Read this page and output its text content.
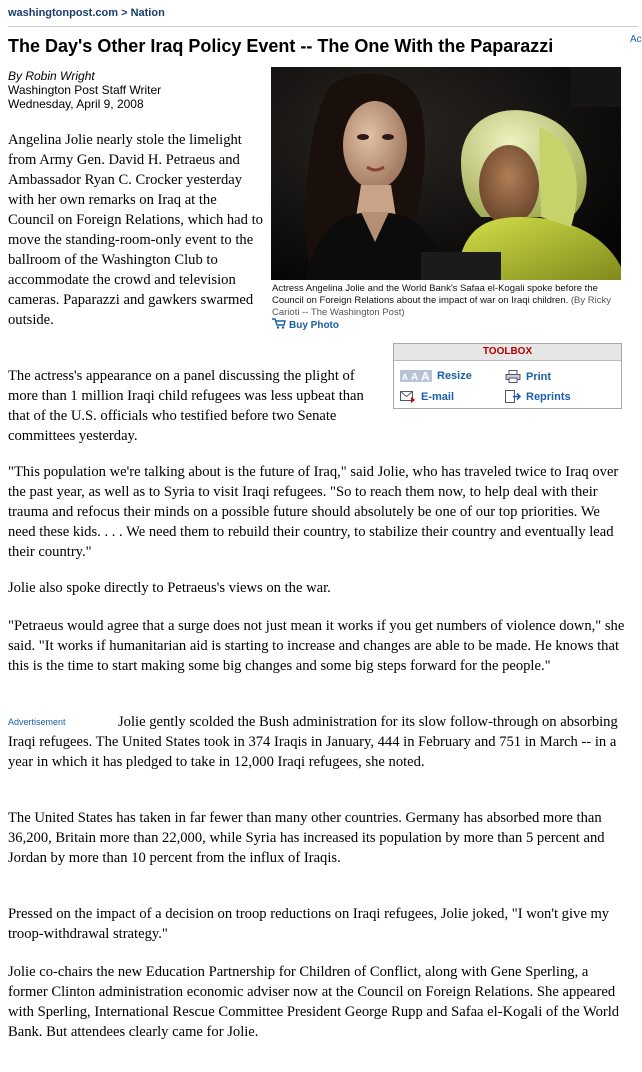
washingtonpost.com > Nation
The Day's Other Iraq Policy Event -- The One With the Paparazzi	Ac
By Robin Wright
Washington Post Staff Writer
Wednesday, April 9, 2008
Actress Angelina Jolie and the World Bank's Safaa el-Kogali spoke before the Council on Foreign Relations about the impact of war on Iraqi children. (By Ricky Carioti -- The Washington Post)
Buy Photo
TOOLBOX
A A A Resize	Print
E-mail	Reprints

Angelina Jolie nearly stole the limelight from Army Gen. David H. Petraeus and Ambassador Ryan C. Crocker yesterday with her own remarks on Iraq at the Council on Foreign Relations, which had to move the standing-room-only event to the ballroom of the Washington Club to accommodate the crowd and television cameras. Paparazzi and gawkers swarmed outside.

The actress's appearance on a panel discussing the plight of more than 1 million Iraqi child refugees was less upbeat than that of the U.S. officials who testified before two Senate committees yesterday.

"This population we're talking about is the future of Iraq," said Jolie, who has traveled twice to Iraq over the past year, as well as to Syria to visit Iraqi refugees. "So to reach them now, to help deal with their trauma and refocus their minds on a possible future should absolutely be one of our top priorities. We need these kids. . . . We need them to rebuild their country, to stabilize their country and eventually lead their country."

Jolie also spoke directly to Petraeus's views on the war.

"Petraeus would agree that a surge does not just mean it works if you get numbers of violence down," she said. "It works if humanitarian aid is starting to increase and changes are able to be made. He knows that this is the time to start making some big changes and some big steps forward for the people."

Advertisement	Jolie gently scolded the Bush administration for its slow follow-through on absorbing Iraqi refugees. The United States took in 374 Iraqis in January, 444 in February and 751 in March -- in a year in which it has pledged to take in 12,000 Iraqi refugees, she noted.

The United States has taken in far fewer than many other countries. Germany has absorbed more than 36,200, Britain more than 22,000, while Syria has increased its population by more than 5 percent and Jordan by more than 10 percent from the influx of Iraqis.

Pressed on the impact of a decision on troop reductions on Iraqi refugees, Jolie joked, "I won't give my troop-withdrawal strategy."

Jolie co-chairs the new Education Partnership for Children of Conflict, along with Gene Sperling, a former Clinton administration economic adviser now at the Council on Foreign Relations. She appeared with Sperling, International Rescue Committee President George Rupp and Safaa el-Kogali of the World Bank. But attendees clearly came for Jolie.
